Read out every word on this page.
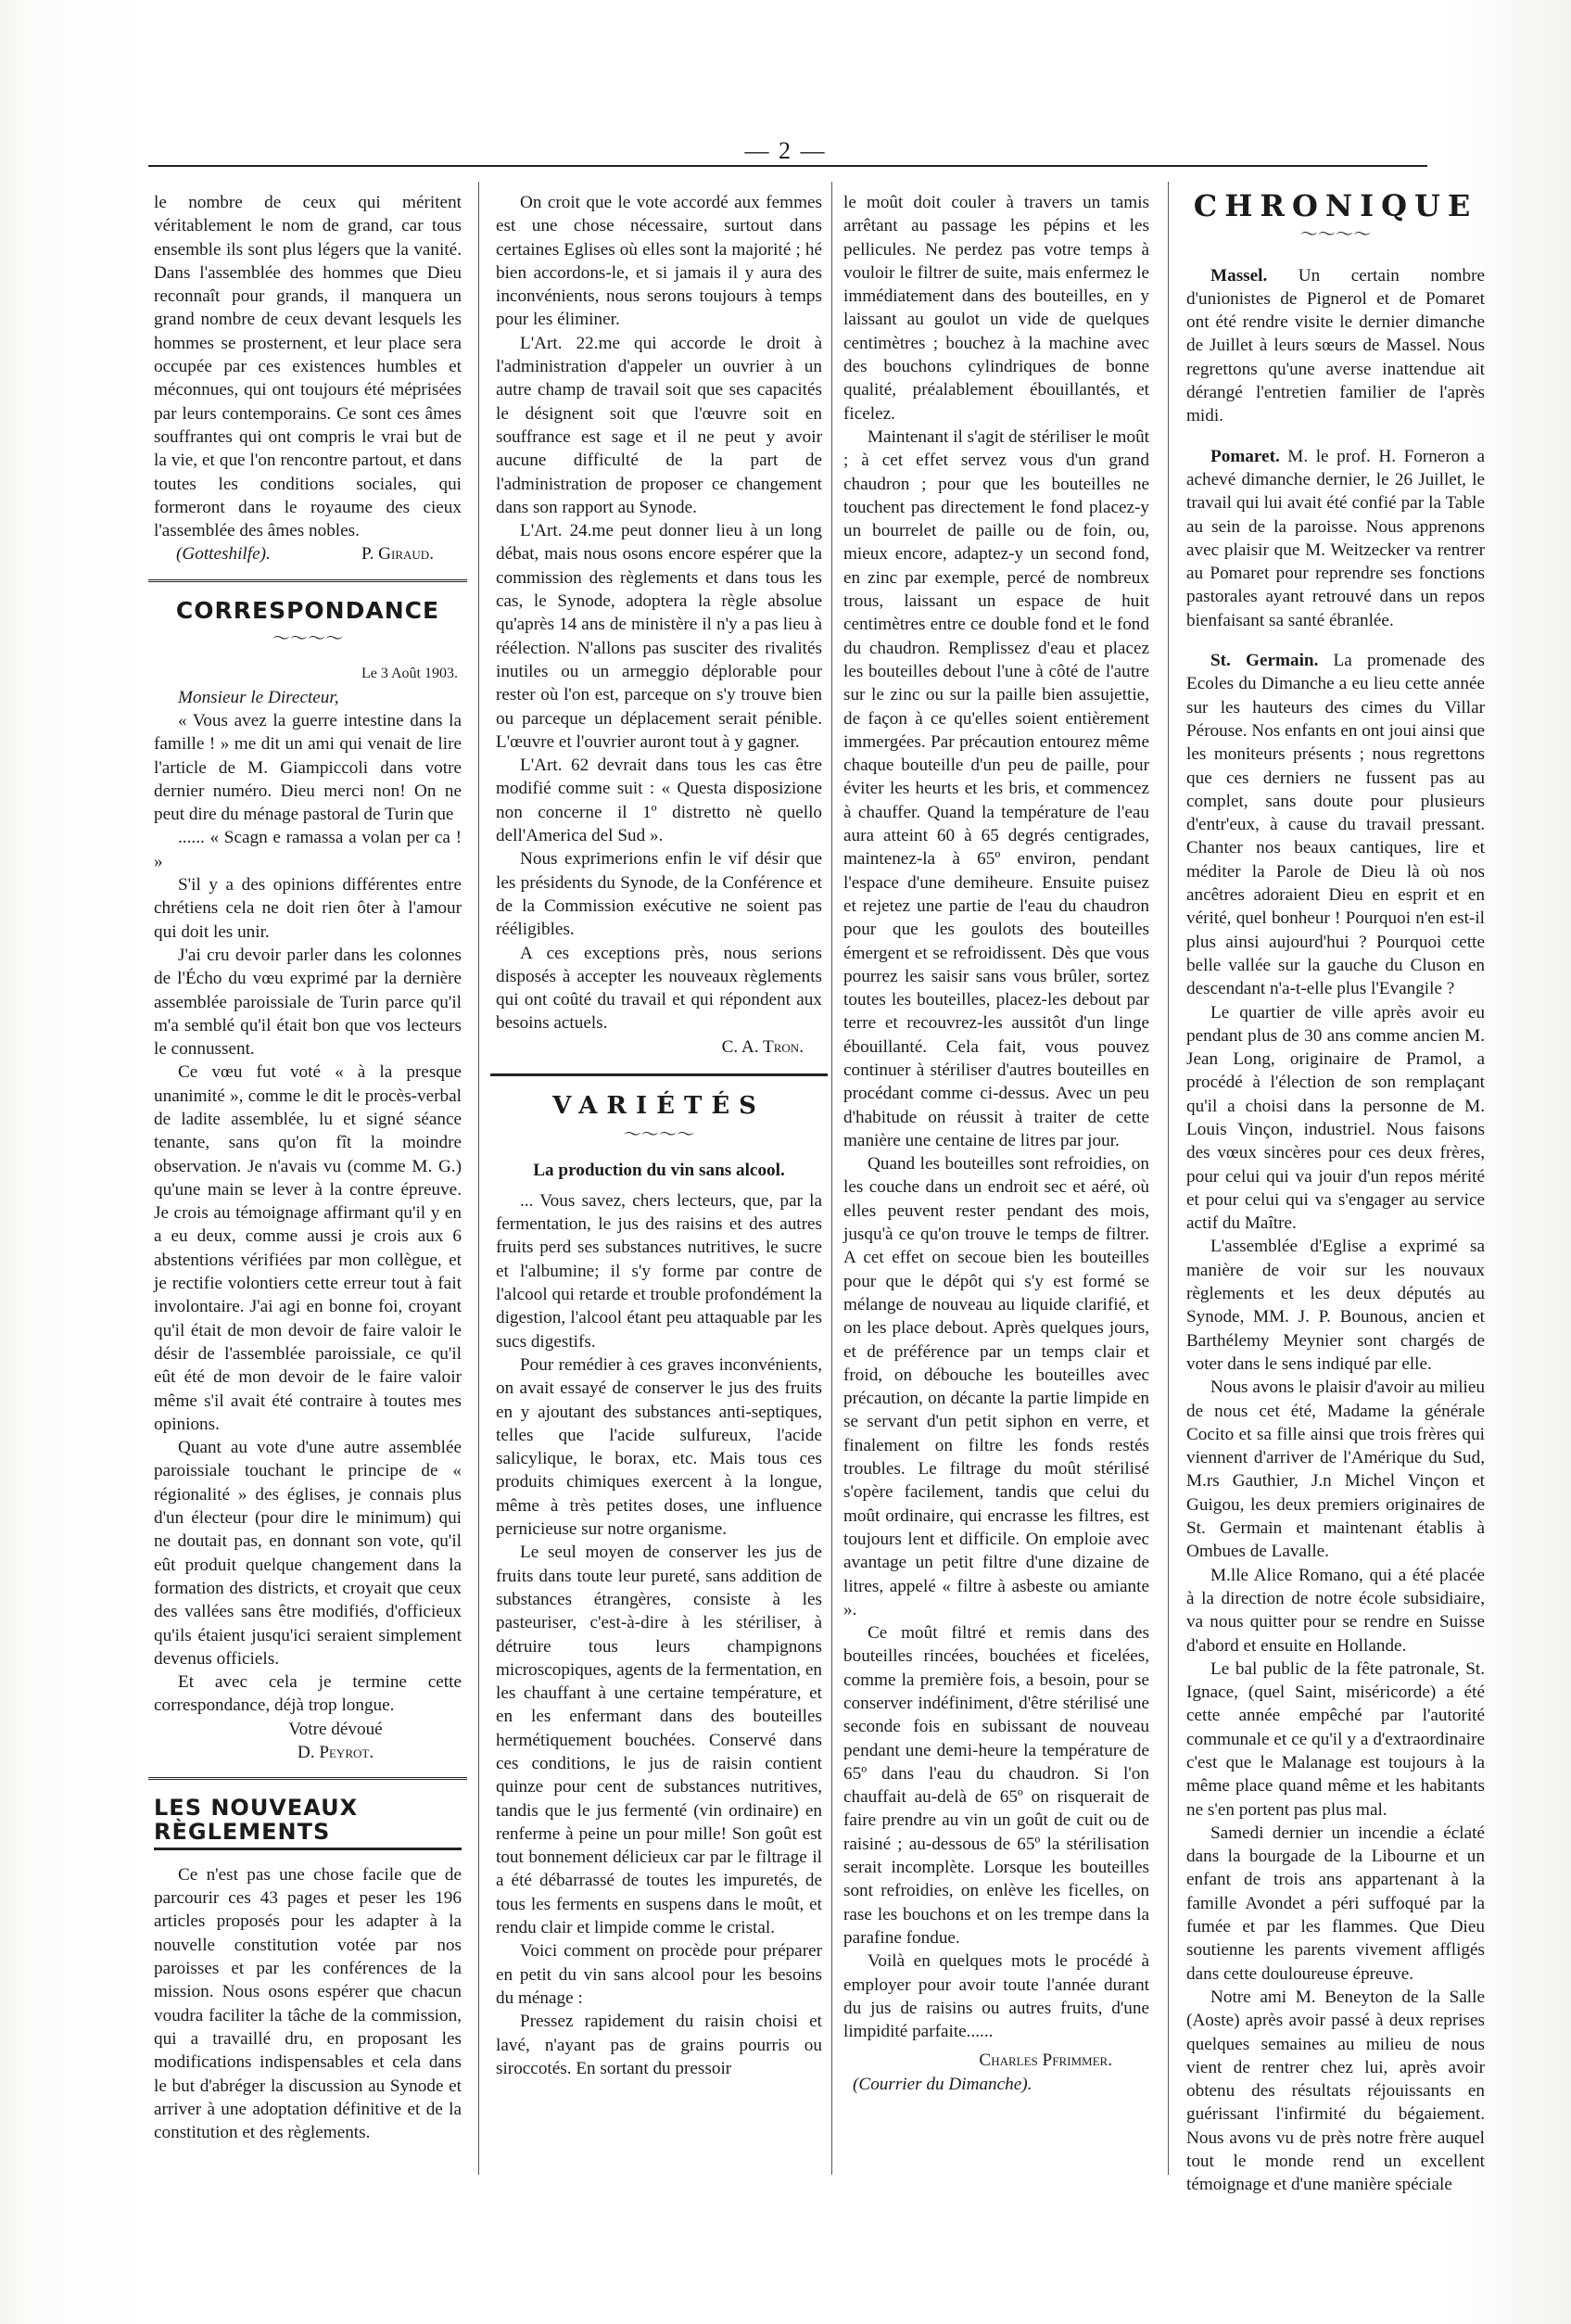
— 2 —

le nombre de ceux qui méritent véritablement le nom de grand, car tous ensemble ils sont plus légers que la vanité. Dans l'assemblée des hommes que Dieu reconnaît pour grands, il manquera un grand nombre de ceux devant lesquels les hommes se prosternent, et leur place sera occupée par ces existences humbles et méconnues, qui ont toujours été méprisées par leurs contemporains. Ce sont ces âmes souffrantes qui ont compris le vrai but de la vie, et que l'on rencontre partout, et dans toutes les conditions sociales, qui formeront dans le royaume des cieux l'assemblée des âmes nobles.

(Gotteshilfe).	P. Giraud.
CORRESPONDANCE
～～～～
Le 3 Août 1903.

Monsieur le Directeur,

« Vous avez la guerre intestine dans la famille ! » me dit un ami qui venait de lire l'article de M. Giampiccoli dans votre dernier numéro. Dieu merci non! On ne peut dire du ménage pastoral de Turin que

...... « Scagn e ramassa a volan per ca ! »

S'il y a des opinions différentes entre chrétiens cela ne doit rien ôter à l'amour qui doit les unir.

J'ai cru devoir parler dans les colonnes de l'Écho du vœu exprimé par la dernière assemblée paroissiale de Turin parce qu'il m'a semblé qu'il était bon que vos lecteurs le connussent.

Ce vœu fut voté « à la presque unanimité », comme le dit le procès-verbal de ladite assemblée, lu et signé séance tenante, sans qu'on fît la moindre observation. Je n'avais vu (comme M. G.) qu'une main se lever à la contre épreuve. Je crois au témoignage affirmant qu'il y en a eu deux, comme aussi je crois aux 6 abstentions vérifiées par mon collègue, et je rectifie volontiers cette erreur tout à fait involontaire. J'ai agi en bonne foi, croyant qu'il était de mon devoir de faire valoir le désir de l'assemblée paroissiale, ce qu'il eût été de mon devoir de le faire valoir même s'il avait été contraire à toutes mes opinions.

Quant au vote d'une autre assemblée paroissiale touchant le principe de « régionalité » des églises, je connais plus d'un électeur (pour dire le minimum) qui ne doutait pas, en donnant son vote, qu'il eût produit quelque changement dans la formation des districts, et croyait que ceux des vallées sans être modifiés, d'officieux qu'ils étaient jusqu'ici seraient simplement devenus officiels.

Et avec cela je termine cette correspondance, déjà trop longue.

Votre dévoué
D. Peyrot.
LES NOUVEAUX RÈGLEMENTS

Ce n'est pas une chose facile que de parcourir ces 43 pages et peser les 196 articles proposés pour les adapter à la nouvelle constitution votée par nos paroisses et par les conférences de la mission. Nous osons espérer que chacun voudra faciliter la tâche de la commission, qui a travaillé dru, en proposant les modifications indispensables et cela dans le but d'abréger la discussion au Synode et arriver à une adoptation définitive et de la constitution et des règlements.

On croit que le vote accordé aux femmes est une chose nécessaire, surtout dans certaines Eglises où elles sont la majorité ; hé bien accordons-le, et si jamais il y aura des inconvénients, nous serons toujours à temps pour les éliminer.

L'Art. 22.me qui accorde le droit à l'administration d'appeler un ouvrier à un autre champ de travail soit que ses capacités le désignent soit que l'œuvre soit en souffrance est sage et il ne peut y avoir aucune difficulté de la part de l'administration de proposer ce changement dans son rapport au Synode.

L'Art. 24.me peut donner lieu à un long débat, mais nous osons encore espérer que la commission des règlements et dans tous les cas, le Synode, adoptera la règle absolue qu'après 14 ans de ministère il n'y a pas lieu à réélection. N'allons pas susciter des rivalités inutiles ou un armeggio déplorable pour rester où l'on est, parceque on s'y trouve bien ou parceque un déplacement serait pénible. L'œuvre et l'ouvrier auront tout à y gagner.

L'Art. 62 devrait dans tous les cas être modifié comme suit : « Questa disposizione non concerne il 1º distretto nè quello dell'America del Sud ».

Nous exprimerions enfin le vif désir que les présidents du Synode, de la Conférence et de la Commission exécutive ne soient pas rééligibles.

A ces exceptions près, nous serions disposés à accepter les nouveaux règlements qui ont coûté du travail et qui répondent aux besoins actuels.

C. A. Tron.
VARIÉTÉS
～～～～
La production du vin sans alcool.

... Vous savez, chers lecteurs, que, par la fermentation, le jus des raisins et des autres fruits perd ses substances nutritives, le sucre et l'albumine; il s'y forme par contre de l'alcool qui retarde et trouble profondément la digestion, l'alcool étant peu attaquable par les sucs digestifs.

Pour remédier à ces graves inconvénients, on avait essayé de conserver le jus des fruits en y ajoutant des substances anti-septiques, telles que l'acide sulfureux, l'acide salicylique, le borax, etc. Mais tous ces produits chimiques exercent à la longue, même à très petites doses, une influence pernicieuse sur notre organisme.

Le seul moyen de conserver les jus de fruits dans toute leur pureté, sans addition de substances étrangères, consiste à les pasteuriser, c'est-à-dire à les stériliser, à détruire tous leurs champignons microscopiques, agents de la fermentation, en les chauffant à une certaine température, et en les enfermant dans des bouteilles hermétiquement bouchées. Conservé dans ces conditions, le jus de raisin contient quinze pour cent de substances nutritives, tandis que le jus fermenté (vin ordinaire) en renferme à peine un pour mille! Son goût est tout bonnement délicieux car par le filtrage il a été débarrassé de toutes les impuretés, de tous les ferments en suspens dans le moût, et rendu clair et limpide comme le cristal.

Voici comment on procède pour préparer en petit du vin sans alcool pour les besoins du ménage :

Pressez rapidement du raisin choisi et lavé, n'ayant pas de grains pourris ou siroccotés. En sortant du pressoir

le moût doit couler à travers un tamis arrêtant au passage les pépins et les pellicules. Ne perdez pas votre temps à vouloir le filtrer de suite, mais enfermez le immédiatement dans des bouteilles, en y laissant au goulot un vide de quelques centimètres ; bouchez à la machine avec des bouchons cylindriques de bonne qualité, préalablement ébouillantés, et ficelez.

Maintenant il s'agit de stériliser le moût ; à cet effet servez vous d'un grand chaudron ; pour que les bouteilles ne touchent pas directement le fond placez-y un bourrelet de paille ou de foin, ou, mieux encore, adaptez-y un second fond, en zinc par exemple, percé de nombreux trous, laissant un espace de huit centimètres entre ce double fond et le fond du chaudron. Remplissez d'eau et placez les bouteilles debout l'une à côté de l'autre sur le zinc ou sur la paille bien assujettie, de façon à ce qu'elles soient entièrement immergées. Par précaution entourez même chaque bouteille d'un peu de paille, pour éviter les heurts et les bris, et commencez à chauffer. Quand la température de l'eau aura atteint 60 à 65 degrés centigrades, maintenez-la à 65º environ, pendant l'espace d'une demiheure. Ensuite puisez et rejetez une partie de l'eau du chaudron pour que les goulots des bouteilles émergent et se refroidissent. Dès que vous pourrez les saisir sans vous brûler, sortez toutes les bouteilles, placez-les debout par terre et recouvrez-les aussitôt d'un linge ébouillanté. Cela fait, vous pouvez continuer à stériliser d'autres bouteilles en procédant comme ci-dessus. Avec un peu d'habitude on réussit à traiter de cette manière une centaine de litres par jour.

Quand les bouteilles sont refroidies, on les couche dans un endroit sec et aéré, où elles peuvent rester pendant des mois, jusqu'à ce qu'on trouve le temps de filtrer. A cet effet on secoue bien les bouteilles pour que le dépôt qui s'y est formé se mélange de nouveau au liquide clarifié, et on les place debout. Après quelques jours, et de préférence par un temps clair et froid, on débouche les bouteilles avec précaution, on décante la partie limpide en se servant d'un petit siphon en verre, et finalement on filtre les fonds restés troubles. Le filtrage du moût stérilisé s'opère facilement, tandis que celui du moût ordinaire, qui encrasse les filtres, est toujours lent et difficile. On emploie avec avantage un petit filtre d'une dizaine de litres, appelé « filtre à asbeste ou amiante ».

Ce moût filtré et remis dans des bouteilles rincées, bouchées et ficelées, comme la première fois, a besoin, pour se conserver indéfiniment, d'être stérilisé une seconde fois en subissant de nouveau pendant une demi-heure la température de 65º dans l'eau du chaudron. Si l'on chauffait au-delà de 65º on risquerait de faire prendre au vin un goût de cuit ou de raisiné ; au-dessous de 65º la stérilisation serait incomplète. Lorsque les bouteilles sont refroidies, on enlève les ficelles, on rase les bouchons et on les trempe dans la parafine fondue.

Voilà en quelques mots le procédé à employer pour avoir toute l'année durant du jus de raisins ou autres fruits, d'une limpidité parfaite......

Charles Pfrimmer.
(Courrier du Dimanche).
CHRONIQUE
～～～～

Massel. Un certain nombre d'unionistes de Pignerol et de Pomaret ont été rendre visite le dernier dimanche de Juillet à leurs sœurs de Massel. Nous regrettons qu'une averse inattendue ait dérangé l'entretien familier de l'après midi.

Pomaret. M. le prof. H. Forneron a achevé dimanche dernier, le 26 Juillet, le travail qui lui avait été confié par la Table au sein de la paroisse. Nous apprenons avec plaisir que M. Weitzecker va rentrer au Pomaret pour reprendre ses fonctions pastorales ayant retrouvé dans un repos bienfaisant sa santé ébranlée.

St. Germain. La promenade des Ecoles du Dimanche a eu lieu cette année sur les hauteurs des cimes du Villar Pérouse. Nos enfants en ont joui ainsi que les moniteurs présents ; nous regrettons que ces derniers ne fussent pas au complet, sans doute pour plusieurs d'entr'eux, à cause du travail pressant. Chanter nos beaux cantiques, lire et méditer la Parole de Dieu là où nos ancêtres adoraient Dieu en esprit et en vérité, quel bonheur ! Pourquoi n'en est-il plus ainsi aujourd'hui ? Pourquoi cette belle vallée sur la gauche du Cluson en descendant n'a-t-elle plus l'Evangile ?

Le quartier de ville après avoir eu pendant plus de 30 ans comme ancien M. Jean Long, originaire de Pramol, a procédé à l'élection de son remplaçant qu'il a choisi dans la personne de M. Louis Vinçon, industriel. Nous faisons des vœux sincères pour ces deux frères, pour celui qui va jouir d'un repos mérité et pour celui qui va s'engager au service actif du Maître.

L'assemblée d'Eglise a exprimé sa manière de voir sur les nouvaux règlements et les deux députés au Synode, MM. J. P. Bounous, ancien et Barthélemy Meynier sont chargés de voter dans le sens indiqué par elle.

Nous avons le plaisir d'avoir au milieu de nous cet été, Madame la générale Cocito et sa fille ainsi que trois frères qui viennent d'arriver de l'Amérique du Sud, M.rs Gauthier, J.n Michel Vinçon et Guigou, les deux premiers originaires de St. Germain et maintenant établis à Ombues de Lavalle.

M.lle Alice Romano, qui a été placée à la direction de notre école subsidiaire, va nous quitter pour se rendre en Suisse d'abord et ensuite en Hollande.

Le bal public de la fête patronale, St. Ignace, (quel Saint, miséricorde) a été cette année empêché par l'autorité communale et ce qu'il y a d'extraordinaire c'est que le Malanage est toujours à la même place quand même et les habitants ne s'en portent pas plus mal.

Samedi dernier un incendie a éclaté dans la bourgade de la Libourne et un enfant de trois ans appartenant à la famille Avondet a péri suffoqué par la fumée et par les flammes. Que Dieu soutienne les parents vivement affligés dans cette douloureuse épreuve.

Notre ami M. Beneyton de la Salle (Aoste) après avoir passé à deux reprises quelques semaines au milieu de nous vient de rentrer chez lui, après avoir obtenu des résultats réjouissants en guérissant l'infirmité du bégaiement. Nous avons vu de près notre frère auquel tout le monde rend un excellent témoignage et d'une manière spéciale
